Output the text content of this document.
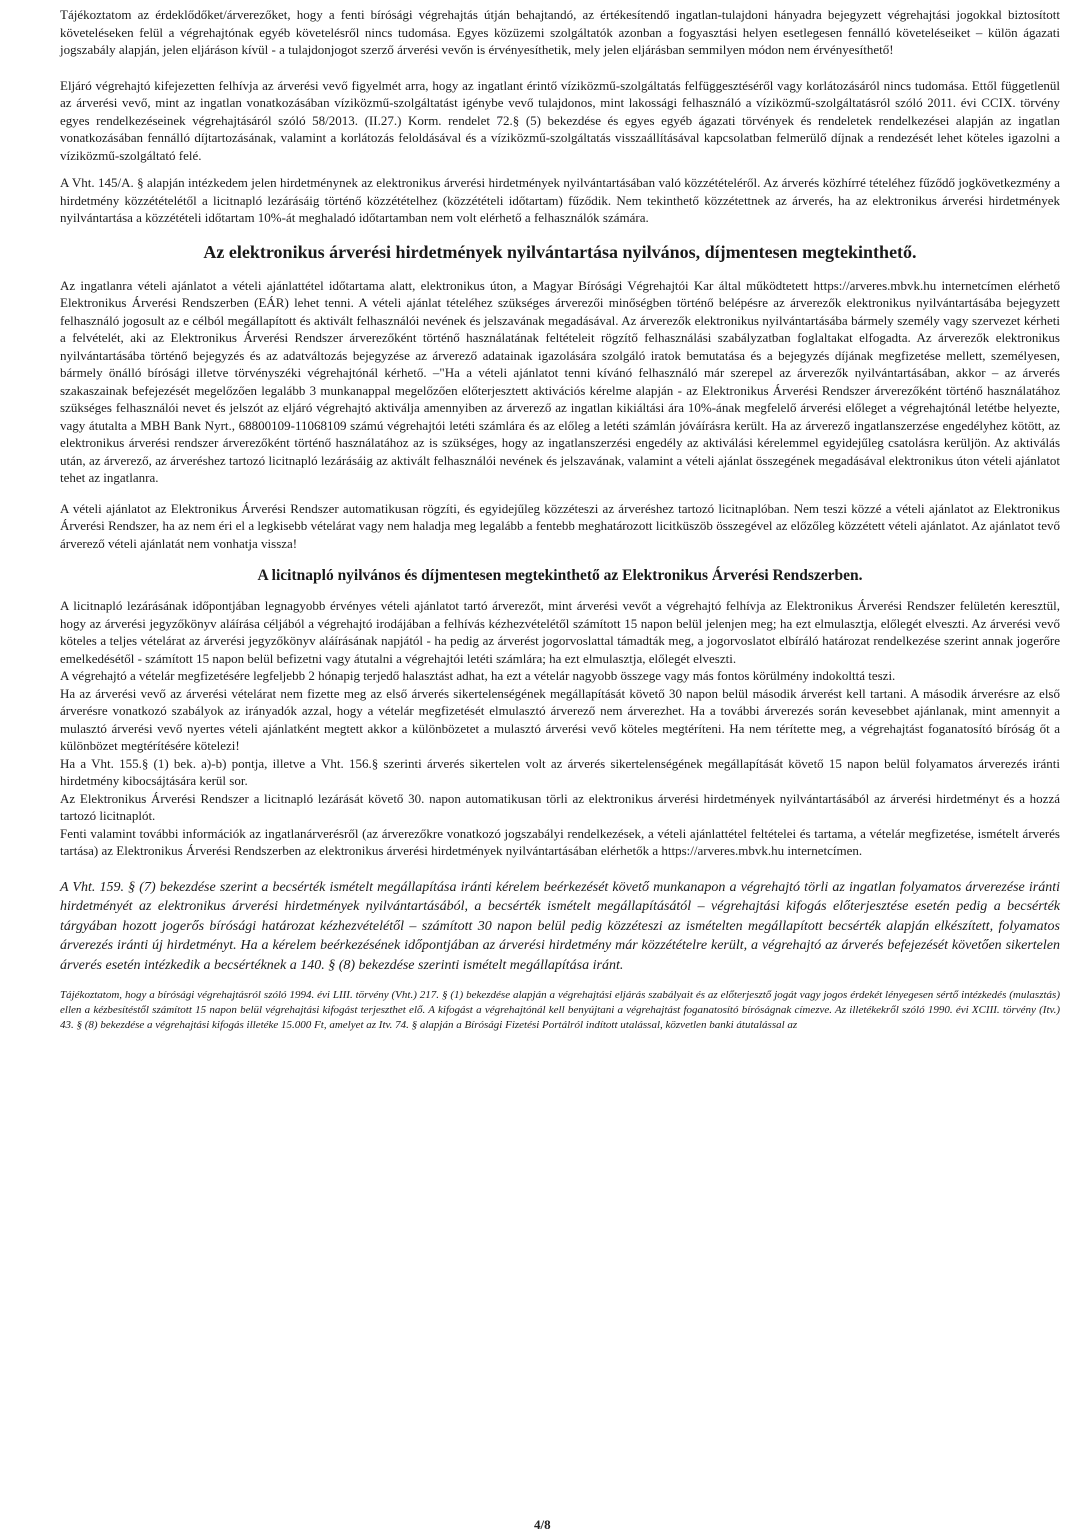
Tájékoztatom az érdeklődőket/árverezőket, hogy a fenti bírósági végrehajtás útján behajtandó, az értékesítendő ingatlan-tulajdoni hányadra bejegyzett végrehajtási jogokkal biztosított követeléseken felül a végrehajtónak egyéb követelésről nincs tudomása. Egyes közüzemi szolgáltatók azonban a fogyasztási helyen esetlegesen fennálló követeléseiket – külön ágazati jogszabály alapján, jelen eljáráson kívül - a tulajdonjogot szerző árverési vevőn is érvényesíthetik, mely jelen eljárásban semmilyen módon nem érvényesíthető!

Eljáró végrehajtó kifejezetten felhívja az árverési vevő figyelmét arra, hogy az ingatlant érintő víziközmű-szolgáltatás felfüggesztéséről vagy korlátozásáról nincs tudomása. Ettől függetlenül az árverési vevő, mint az ingatlan vonatkozásában víziközmű-szolgáltatást igénybe vevő tulajdonos, mint lakossági felhasználó a víziközmű-szolgáltatásról szóló 2011. évi CCIX. törvény egyes rendelkezéseinek végrehajtásáról szóló 58/2013. (II.27.) Korm. rendelet 72.§ (5) bekezdése és egyes egyéb ágazati törvények és rendeletek rendelkezései alapján az ingatlan vonatkozásában fennálló díjtartozásának, valamint a korlátozás feloldásával és a víziközmű-szolgáltatás visszaállításával kapcsolatban felmerülő díjnak a rendezését lehet köteles igazolni a víziközmű-szolgáltató felé.

A Vht. 145/A. § alapján intézkedem jelen hirdetménynek az elektronikus árverési hirdetmények nyilvántartásában való közzétételéről. Az árverés közhírré tételéhez fűződő jogkövetkezmény a hirdetmény közzétételétől a licitnapló lezárásáig történő közzétételhez (közzétételi időtartam) fűződik. Nem tekinthető közzétettnek az árverés, ha az elektronikus árverési hirdetmények nyilvántartása a közzétételi időtartam 10%-át meghaladó időtartamban nem volt elérhető a felhasználók számára.

Az elektronikus árverési hirdetmények nyilvántartása nyilvános, díjmentesen megtekinthető.

Az ingatlanra vételi ajánlatot a vételi ajánlattétel időtartama alatt, elektronikus úton, a Magyar Bírósági Végrehajtói Kar által működtetett https://arveres.mbvk.hu internetcímen elérhető Elektronikus Árverési Rendszerben (EÁR) lehet tenni. A vételi ajánlat tételéhez szükséges árverezői minőségben történő belépésre az árverezők elektronikus nyilvántartásába bejegyzett felhasználó jogosult az e célból megállapított és aktivált felhasználói nevének és jelszavának megadásával. Az árverezők elektronikus nyilvántartásába bármely személy vagy szervezet kérheti a felvételét, aki az Elektronikus Árverési Rendszer árverezőként történő használatának feltételeit rögzítő felhasználási szabályzatban foglaltakat elfogadta. Az árverezők elektronikus nyilvántartásába történő bejegyzés és az adatváltozás bejegyzése az árverező adatainak igazolására szolgáló iratok bemutatása és a bejegyzés díjának megfizetése mellett, személyesen, bármely önálló bírósági illetve törvényszéki végrehajtónál kérhető. –"Ha a vételi ajánlatot tenni kívánó felhasználó már szerepel az árverezők nyilvántartásában, akkor – az árverés szakaszainak befejezését megelőzően legalább 3 munkanappal megelőzően előterjesztett aktivációs kérelme alapján - az Elektronikus Árverési Rendszer árverezőként történő használatához szükséges felhasználói nevet és jelszót az eljáró végrehajtó aktiválja amennyiben az árverező az ingatlan kikiáltási ára 10%-ának megfelelő árverési előleget a végrehajtónál letétbe helyezte, vagy átutalta a MBH Bank Nyrt., 68800109-11068109 számú végrehajtói letéti számlára és az előleg a letéti számlán jóváírásra került. Ha az árverező ingatlanszerzése engedélyhez kötött, az elektronikus árverési rendszer árverezőként történő használatához az is szükséges, hogy az ingatlanszerzési engedély az aktiválási kérelemmel egyidejűleg csatolásra kerüljön. Az aktiválás után, az árverező, az árveréshez tartozó licitnapló lezárásáig az aktivált felhasználói nevének és jelszavának, valamint a vételi ajánlat összegének megadásával elektronikus úton vételi ajánlatot tehet az ingatlanra.

A vételi ajánlatot az Elektronikus Árverési Rendszer automatikusan rögzíti, és egyidejűleg közzéteszi az árveréshez tartozó licitnaplóban. Nem teszi közzé a vételi ajánlatot az Elektronikus Árverési Rendszer, ha az nem éri el a legkisebb vételárat vagy nem haladja meg legalább a fentebb meghatározott licitküszöb összegével az előzőleg közzétett vételi ajánlatot. Az ajánlatot tevő árverező vételi ajánlatát nem vonhatja vissza!

A licitnapló nyilvános és díjmentesen megtekinthető az Elektronikus Árverési Rendszerben.

A licitnapló lezárásának időpontjában legnagyobb érvényes vételi ajánlatot tartó árverezőt, mint árverési vevőt a végrehajtó felhívja az Elektronikus Árverési Rendszer felületén keresztül, hogy az árverési jegyzőkönyv aláírása céljából a végrehajtó irodájában a felhívás kézhezvételétől számított 15 napon belül jelenjen meg; ha ezt elmulasztja, előlegét elveszti. Az árverési vevő köteles a teljes vételárat az árverési jegyzőkönyv aláírásának napjától - ha pedig az árverést jogorvoslattal támadták meg, a jogorvoslatot elbíráló határozat rendelkezése szerint annak jogerőre emelkedésétől - számított 15 napon belül befizetni vagy átutalni a végrehajtói letéti számlára; ha ezt elmulasztja, előlegét elveszti.

A végrehajtó a vételár megfizetésére legfeljebb 2 hónapig terjedő halasztást adhat, ha ezt a vételár nagyobb összege vagy más fontos körülmény indokolttá teszi.

Ha az árverési vevő az árverési vételárat nem fizette meg az első árverés sikertelenségének megállapítását követő 30 napon belül második árverést kell tartani. A második árverésre az első árverésre vonatkozó szabályok az irányadók azzal, hogy a vételár megfizetését elmulasztó árverező nem árverezhet. Ha a további árverezés során kevesebbet ajánlanak, mint amennyit a mulasztó árverési vevő nyertes vételi ajánlatként megtett akkor a különbözetet a mulasztó árverési vevő köteles megtéríteni. Ha nem térítette meg, a végrehajtást foganatosító bíróság őt a különbözet megtérítésére kötelezi!

Ha a Vht. 155.§ (1) bek. a)-b) pontja, illetve a Vht. 156.§ szerinti árverés sikertelen volt az árverés sikertelenségének megállapítását követő 15 napon belül folyamatos árverezés iránti hirdetmény kibocsájtására kerül sor.

Az Elektronikus Árverési Rendszer a licitnapló lezárását követő 30. napon automatikusan törli az elektronikus árverési hirdetmények nyilvántartásából az árverési hirdetményt és a hozzá tartozó licitnaplót.

Fenti valamint további információk az ingatlanárverésről (az árverezőkre vonatkozó jogszabályi rendelkezések, a vételi ajánlattétel feltételei és tartama, a vételár megfizetése, ismételt árverés tartása) az Elektronikus Árverési Rendszerben az elektronikus árverési hirdetmények nyilvántartásában elérhetők a https://arveres.mbvk.hu internetcímen.

A Vht. 159. § (7) bekezdése szerint a becsérték ismételt megállapítása iránti kérelem beérkezését követő munkanapon a végrehajtó törli az ingatlan folyamatos árverezése iránti hirdetményét az elektronikus árverési hirdetmények nyilvántartásából, a becsérték ismételt megállapításától – végrehajtási kifogás előterjesztése esetén pedig a becsérték tárgyában hozott jogerős bírósági határozat kézhezvételétől – számított 30 napon belül pedig közzéteszi az ismételten megállapított becsérték alapján elkészített, folyamatos árverezés iránti új hirdetményt. Ha a kérelem beérkezésének időpontjában az árverési hirdetmény már közzétételre került, a végrehajtó az árverés befejezését követően sikertelen árverés esetén intézkedik a becsértéknek a 140. § (8) bekezdése szerinti ismételt megállapítása iránt.

Tájékoztatom, hogy a bírósági végrehajtásról szóló 1994. évi LIII. törvény (Vht.) 217. § (1) bekezdése alapján a végrehajtási eljárás szabályait és az előterjesztő jogát vagy jogos érdekét lényegesen sértő intézkedés (mulasztás) ellen a kézbesítéstől számított 15 napon belül végrehajtási kifogást terjeszthet elő. A kifogást a végrehajtónál kell benyújtani a végrehajtást foganatosító bíróságnak címezve. Az illetékekről szóló 1990. évi XCIII. törvény (Itv.) 43. § (8) bekezdése a végrehajtási kifogás illetéke 15.000 Ft, amelyet az Itv. 74. § alapján a Bírósági Fizetési Portálról indított utalással, közvetlen banki átutalással az

4/8
